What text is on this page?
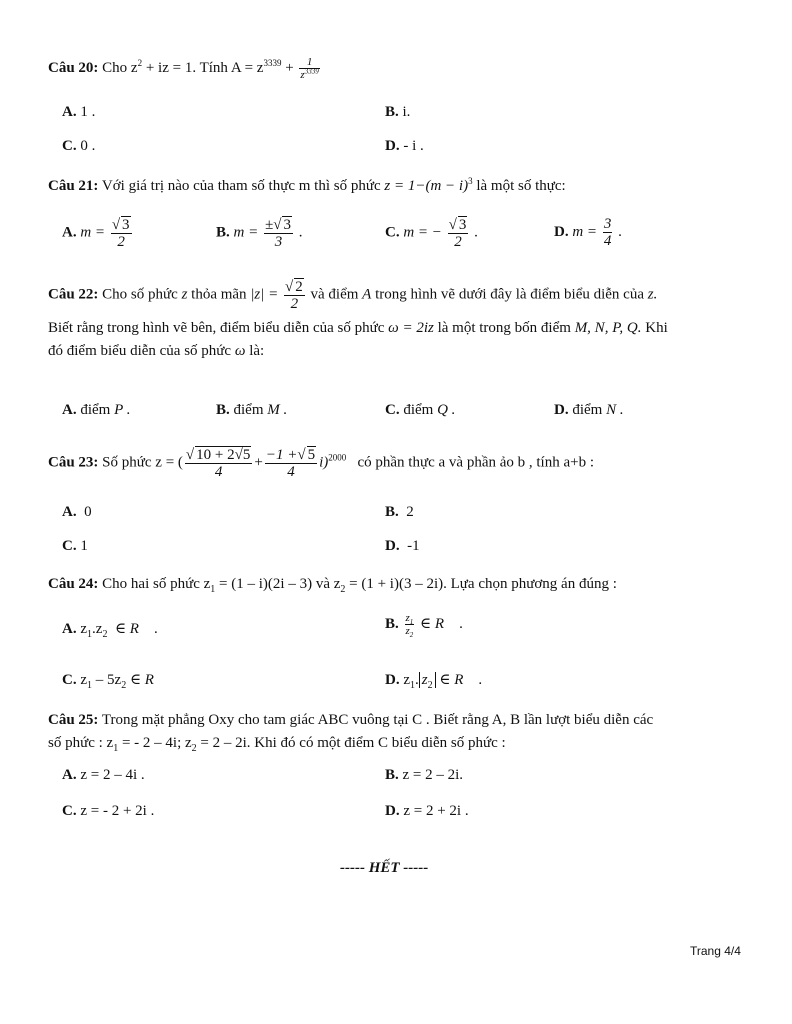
Câu 20: Cho $z^2$ + iz = 1. Tính $A = z^{3339} + \frac{1}{z^{3339}}$
A. 1 .	B. i.
C. 0 .	D. - i .
Câu 21: Với giá trị nào của tham số thực m thì số phức $z = 1-(m - i)^3$ là một số thực:
A. $m = \frac{√ 3}{2}$	B. $m = \frac{\pm√ 3}{3}$ .	C. m = − $\frac{√ 3}{2}$ .	D. $m = \frac{3}{4}$ .
Câu 22: Cho số phức z thỏa mãn $|z| = \frac{√ 2}{2}$ và điểm A trong hình vẽ dưới đây là điểm biểu diễn của z.
Biết rằng trong hình vẽ bên, điểm biểu diễn của số phức ω = 2iz là một trong bốn điểm M, N, P, Q. Khi
đó điểm biểu diễn của số phức ω là:
A. điểm P .	B. điểm M .	C. điểm Q .	D. điểm N .
Câu 23: Số phức z = ( $\frac{√ 10 + 2√5}{4} + \frac{-1 +√ 5}{4} i)^{2000}$ có phần thực a và phần ảo b , tính a+b :
A. 0	B. 2
C. 1	D. -1
Câu 24: Cho hai số phức $z_1 = (1 - i)(2i - 3)$ và $z_2 = (1 + i)(3 - 2i)$. Lựa chọn phương án đúng :
A. $z_1.z_2$ ∈ R .	B. $\frac{z_1}{z_2}$ ∈ R .
C. $z_1 - 5z_2$ ∈ R	D. $z_1$. $z_2$ ∈ R .
Câu 25: Trong mặt phẳng Oxy cho tam giác ABC vuông tại C . Biết rằng A, B lần lượt biểu diễn các
số phức : $z_1$ = - 2 – 4i; $z_2 = 2 - 2i$. Khi đó có một điểm C biểu diễn số phức :
A. z = 2 – 4i .	B. z = 2 – 2i.
C. z = - 2 + 2i .	D. z = 2 + 2i .
----- HẾT -----
Trang 4/4
